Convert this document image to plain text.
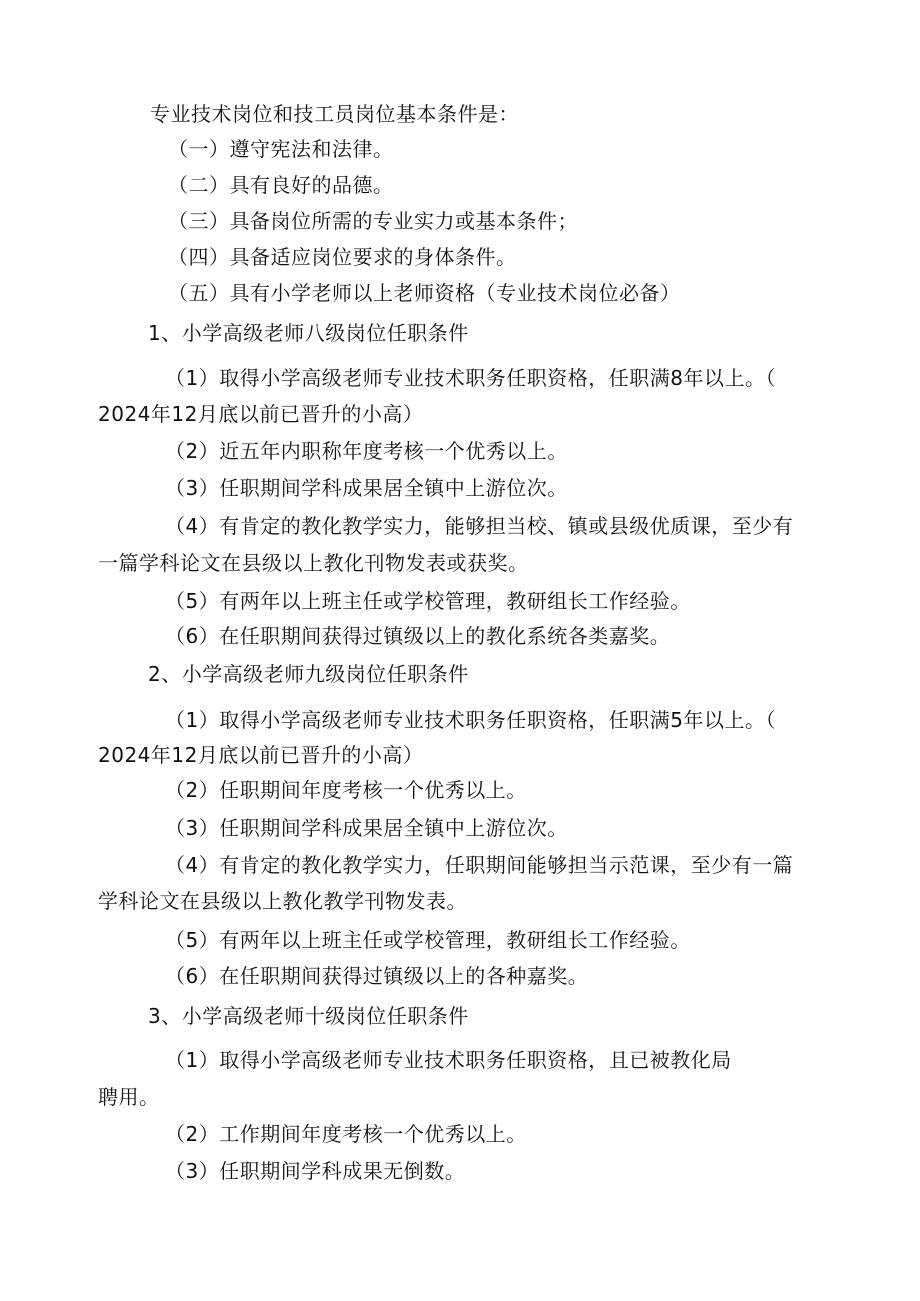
专业技术岗位和技工员岗位基本条件是：
（一）遵守宪法和法律。
（二）具有良好的品德。
（三）具备岗位所需的专业实力或基本条件；
（四）具备适应岗位要求的身体条件。
（五）具有小学老师以上老师资格（专业技术岗位必备）
1、小学高级老师八级岗位任职条件
（1）取得小学高级老师专业技术职务任职资格，任职满8年以上。（
2024年12月底以前已晋升的小高）
（2）近五年内职称年度考核一个优秀以上。
（3）任职期间学科成果居全镇中上游位次。
（4）有肯定的教化教学实力，能够担当校、镇或县级优质课，至少有
一篇学科论文在县级以上教化刊物发表或获奖。
（5）有两年以上班主任或学校管理，教研组长工作经验。
（6）在任职期间获得过镇级以上的教化系统各类嘉奖。
2、小学高级老师九级岗位任职条件
（1）取得小学高级老师专业技术职务任职资格，任职满5年以上。（
2024年12月底以前已晋升的小高）
（2）任职期间年度考核一个优秀以上。
（3）任职期间学科成果居全镇中上游位次。
（4）有肯定的教化教学实力，任职期间能够担当示范课，至少有一篇
学科论文在县级以上教化教学刊物发表。
（5）有两年以上班主任或学校管理，教研组长工作经验。
（6）在任职期间获得过镇级以上的各种嘉奖。
3、小学高级老师十级岗位任职条件
（1）取得小学高级老师专业技术职务任职资格，且已被教化局
聘用。
（2）工作期间年度考核一个优秀以上。
（3）任职期间学科成果无倒数。
